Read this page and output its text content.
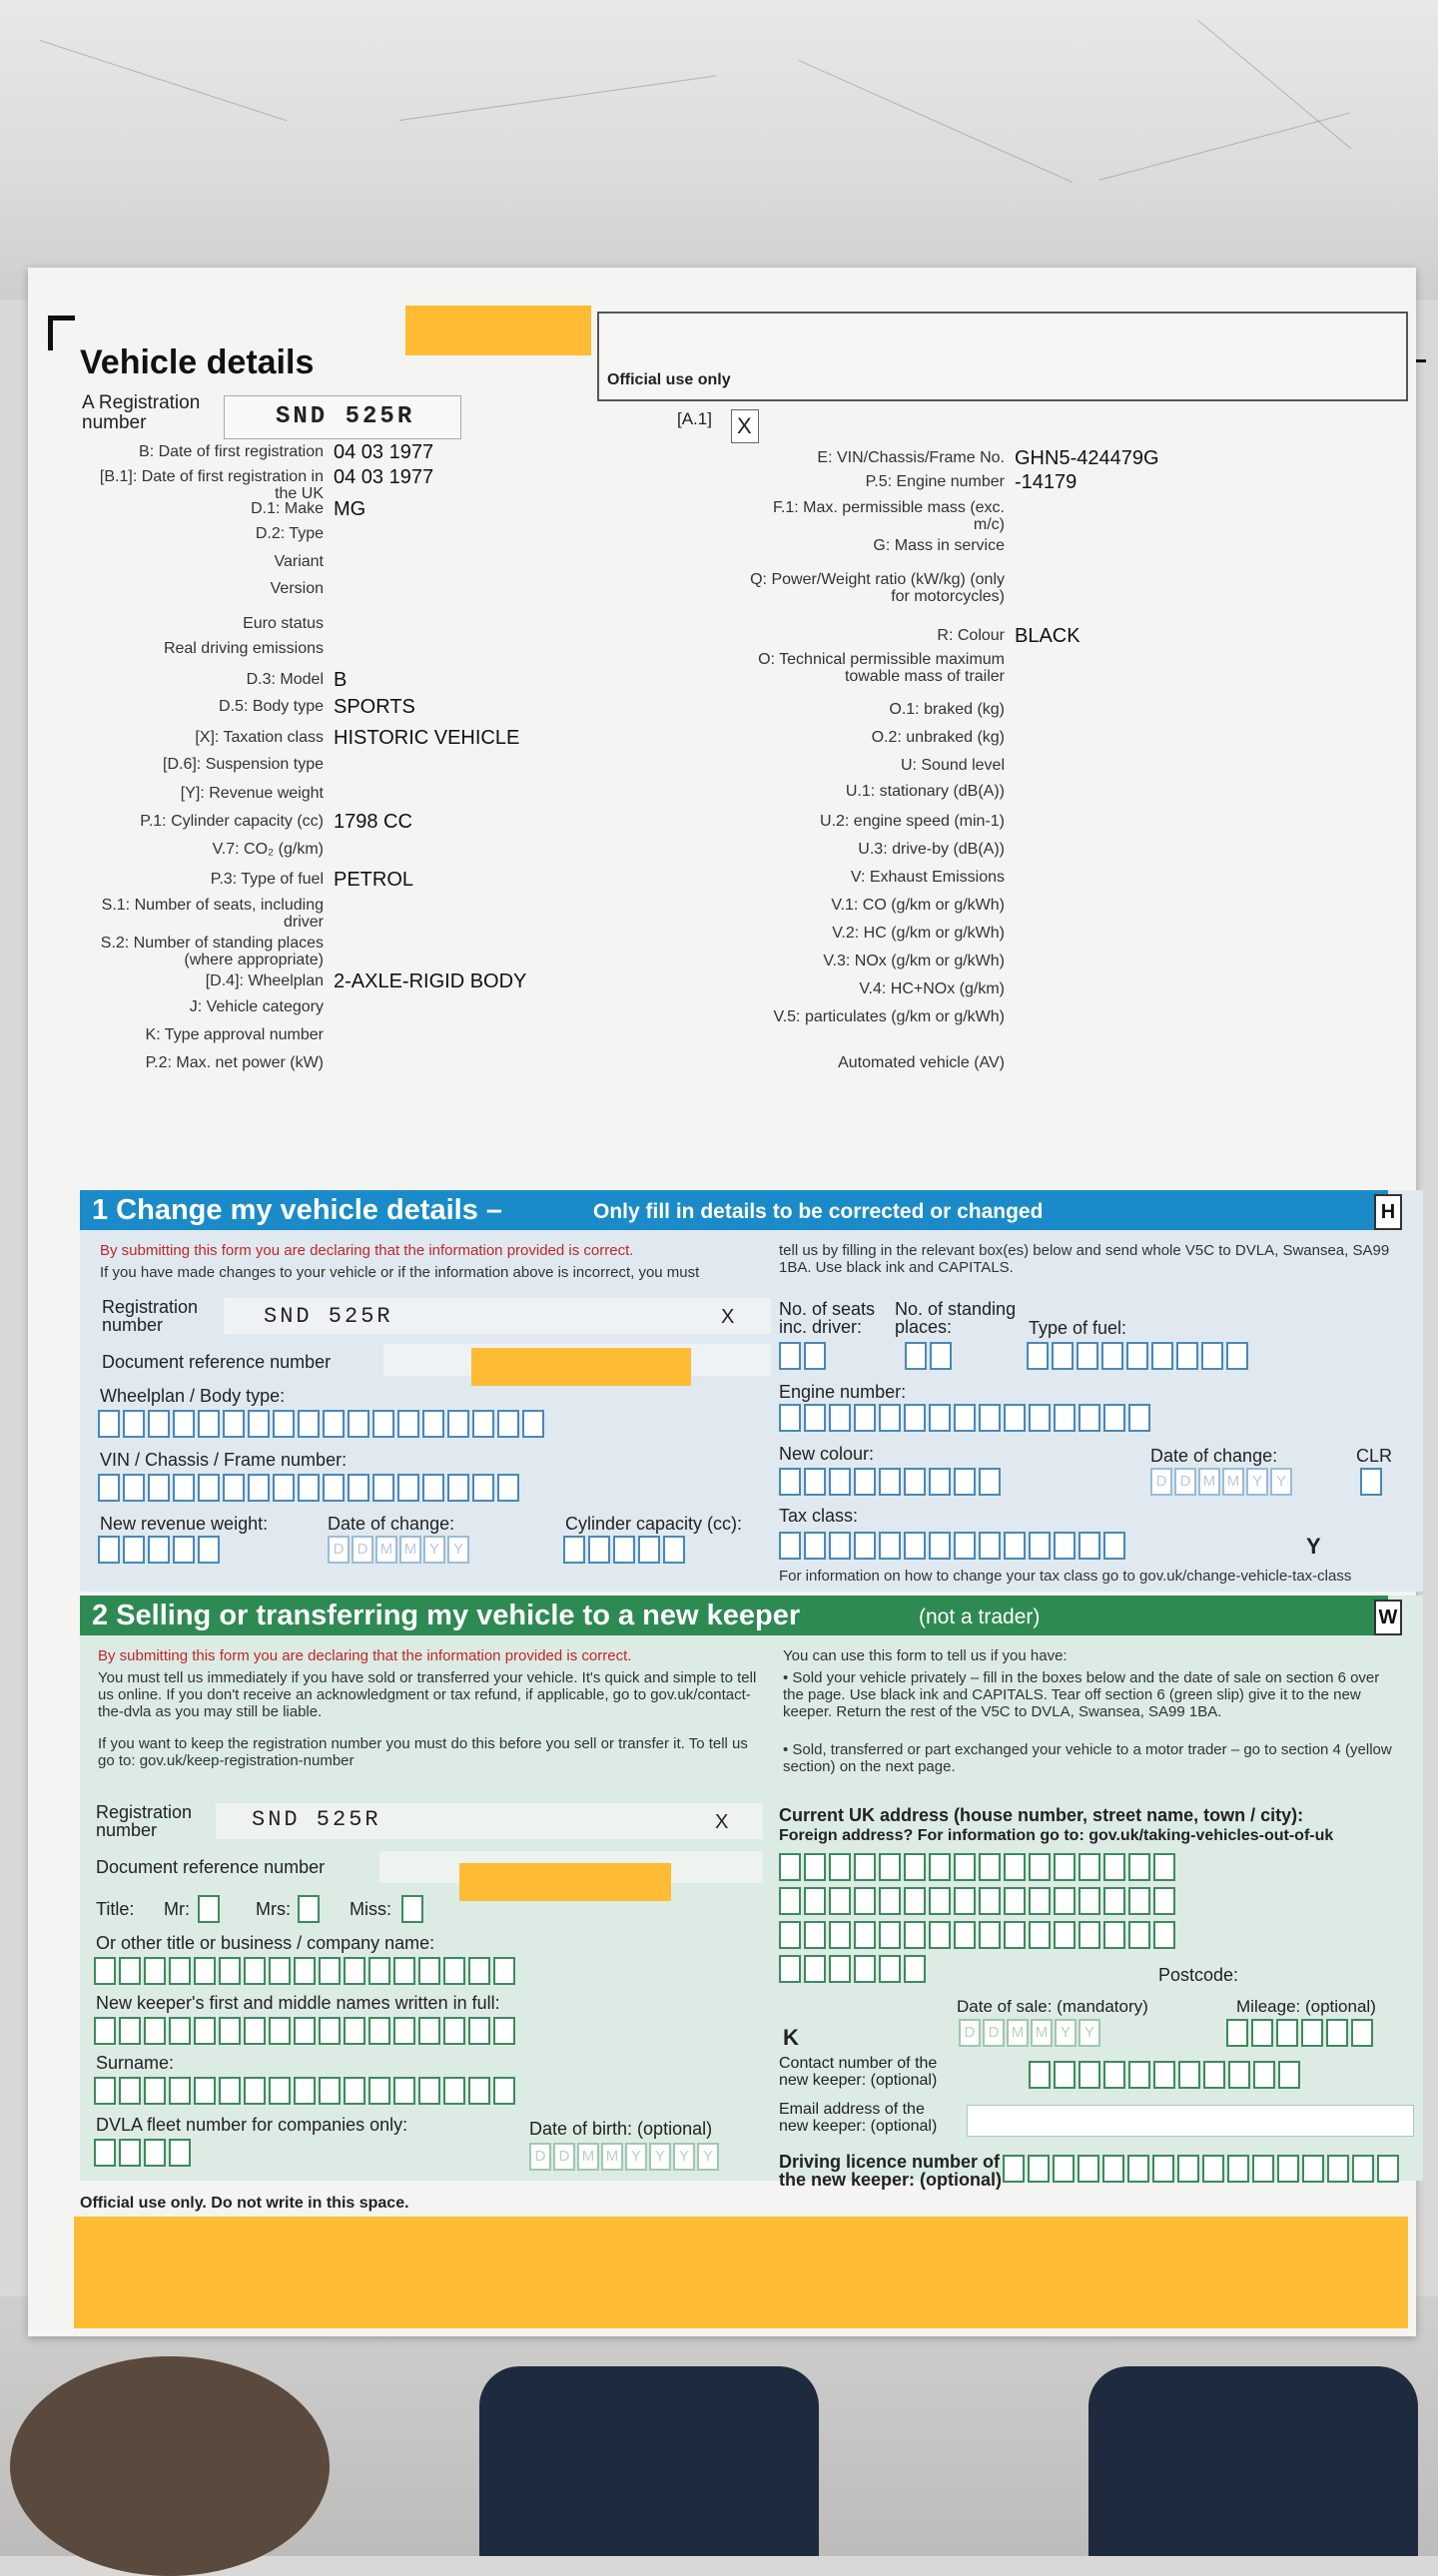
Vehicle details	Official use only
A Registration
number	SND 525R	[A.1] X
B: Date of first registration 04 03 1977
[B.1]: Date of first registration in the UK
04 03 1977
D.1: Make MG
D.2: Type
Variant
Version
Euro status
Real driving emissions
D.3: Model B
D.5: Body type SPORTS
[X]: Taxation class HISTORIC VEHICLE
[D.6]: Suspension type
[Y]: Revenue weight
P.1: Cylinder capacity (cc) 1798 CC
V.7: CO₂ (g/km)
P.3: Type of fuel PETROL
S.1: Number of seats, including driver
S.2: Number of standing places (where appropriate)
[D.4]: Wheelplan 2-AXLE-RIGID BODY
J: Vehicle category
K: Type approval number
P.2: Max. net power (kW)
E: VIN/Chassis/Frame No. GHN5-424479G
P.5: Engine number -14179
F.1: Max. permissible mass (exc. m/c)
G: Mass in service
Q: Power/Weight ratio (kW/kg) (only for motorcycles)
R: Colour BLACK
O: Technical permissible maximum towable mass of trailer
O.1: braked (kg)
O.2: unbraked (kg)
U: Sound level
U.1: stationary (dB(A))
U.2: engine speed (min-1)
U.3: drive-by (dB(A))
V: Exhaust Emissions
V.1: CO (g/km or g/kWh)
V.2: HC (g/km or g/kWh)
V.3: NOx (g/km or g/kWh)
V.4: HC+NOx (g/km)
V.5: particulates (g/km or g/kWh)
Automated vehicle (AV)
1 Change my vehicle details –	Only fill in details to be corrected or changed	H
By submitting this form you are declaring that the information provided is correct.
If you have made changes to your vehicle or if the information above is incorrect, you must
tell us by filling in the relevant box(es) below and send whole V5C to DVLA, Swansea, SA99 1BA. Use black ink and CAPITALS.
Registration
number	SND 525R	X
Document reference number
Wheelplan / Body type:
VIN / Chassis / Frame number:
New revenue weight:	Date of change:
D D M M Y Y
Cylinder capacity (cc):
No. of seats
inc. driver:
No. of standing
places:	Type of fuel:
Engine number:
New colour:	Date of change:
D D M M Y Y
CLR
Tax class:
Y
For information on how to change your tax class go to gov.uk/change-vehicle-tax-class
2 Selling or transferring my vehicle to a new keeper	(not a trader)	W
By submitting this form you are declaring that the information provided is correct.
You must tell us immediately if you have sold or transferred your vehicle. It's quick and simple to tell us online. If you don't receive an acknowledgment or tax refund, if applicable, go to gov.uk/contact-the-dvla as you may still be liable.
If you want to keep the registration number you must do this before you sell or transfer it. To tell us go to: gov.uk/keep-registration-number
You can use this form to tell us if you have:
• Sold your vehicle privately – fill in the boxes below and the date of sale on section 6 over the page. Use black ink and CAPITALS. Tear off section 6 (green slip) give it to the new keeper. Return the rest of the V5C to DVLA, Swansea, SA99 1BA.
• Sold, transferred or part exchanged your vehicle to a motor trader – go to section 4 (yellow section) on the next page.
Registration
number	SND 525R	X
Document reference number
Title: Mr:	Mrs:	Miss:
Or other title or business / company name:
New keeper's first and middle names written in full:
Surname:
DVLA fleet number for companies only:	Date of birth: (optional)
D D M M Y Y Y Y
Current UK address (house number, street name, town / city):
Foreign address? For information go to: gov.uk/taking-vehicles-out-of-uk
Postcode:
Date of sale: (mandatory)
D D M M Y Y
Mileage: (optional)
K
Contact number of the
new keeper: (optional)
Email address of the
new keeper: (optional)
Driving licence number of
the new keeper: (optional)
Official use only. Do not write in this space.
